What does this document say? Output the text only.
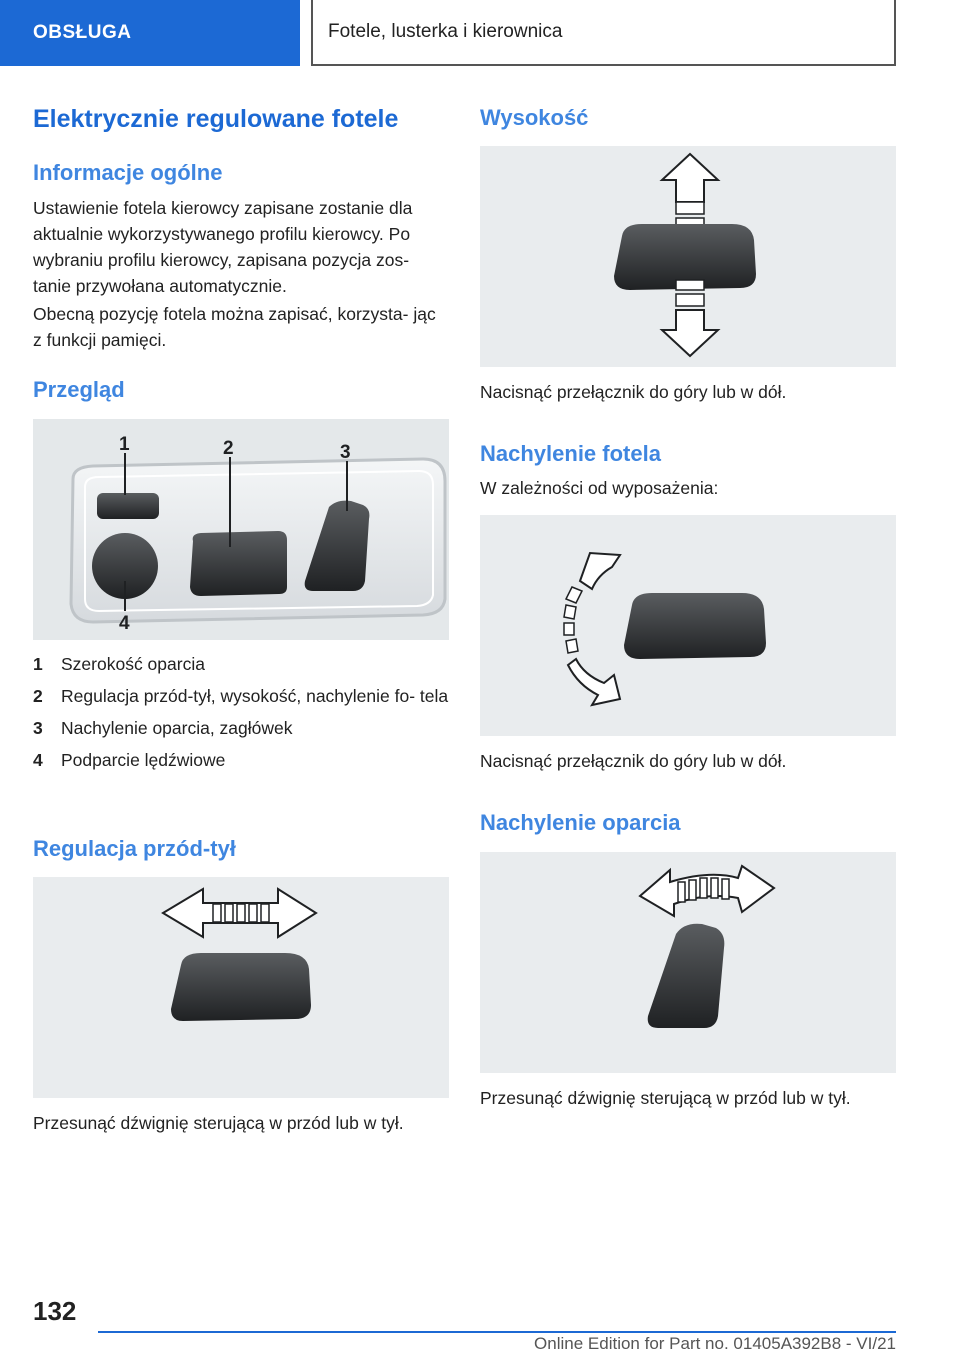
OBSŁUGA	Fotele, lusterka i kierownica
Elektrycznie regulowane fotele
Informacje ogólne

Ustawienie fotela kierowcy zapisane zostanie dla aktualnie wykorzystywanego profilu kierowcy. Po wybraniu profilu kierowcy, zapisana pozycja zos- tanie przywołana automatycznie.

Obecną pozycję fotela można zapisać, korzysta- jąc z funkcji pamięci.

Przegląd
1	2	3
4
1	Szerokość oparcia
2	Regulacja przód-tył, wysokość, nachylenie fo- tela
3	Nachylenie oparcia, zagłówek
4	Podparcie lędźwiowe
Regulacja przód-tył

Przesunąć dźwignię sterującą w przód lub w tył.

Wysokość

Nacisnąć przełącznik do góry lub w dół.

Nachylenie fotela

W zależności od wyposażenia:

Nacisnąć przełącznik do góry lub w dół.

Nachylenie oparcia

Przesunąć dźwignię sterującą w przód lub w tył.

132
Online Edition for Part no. 01405A392B8 - VI/21
